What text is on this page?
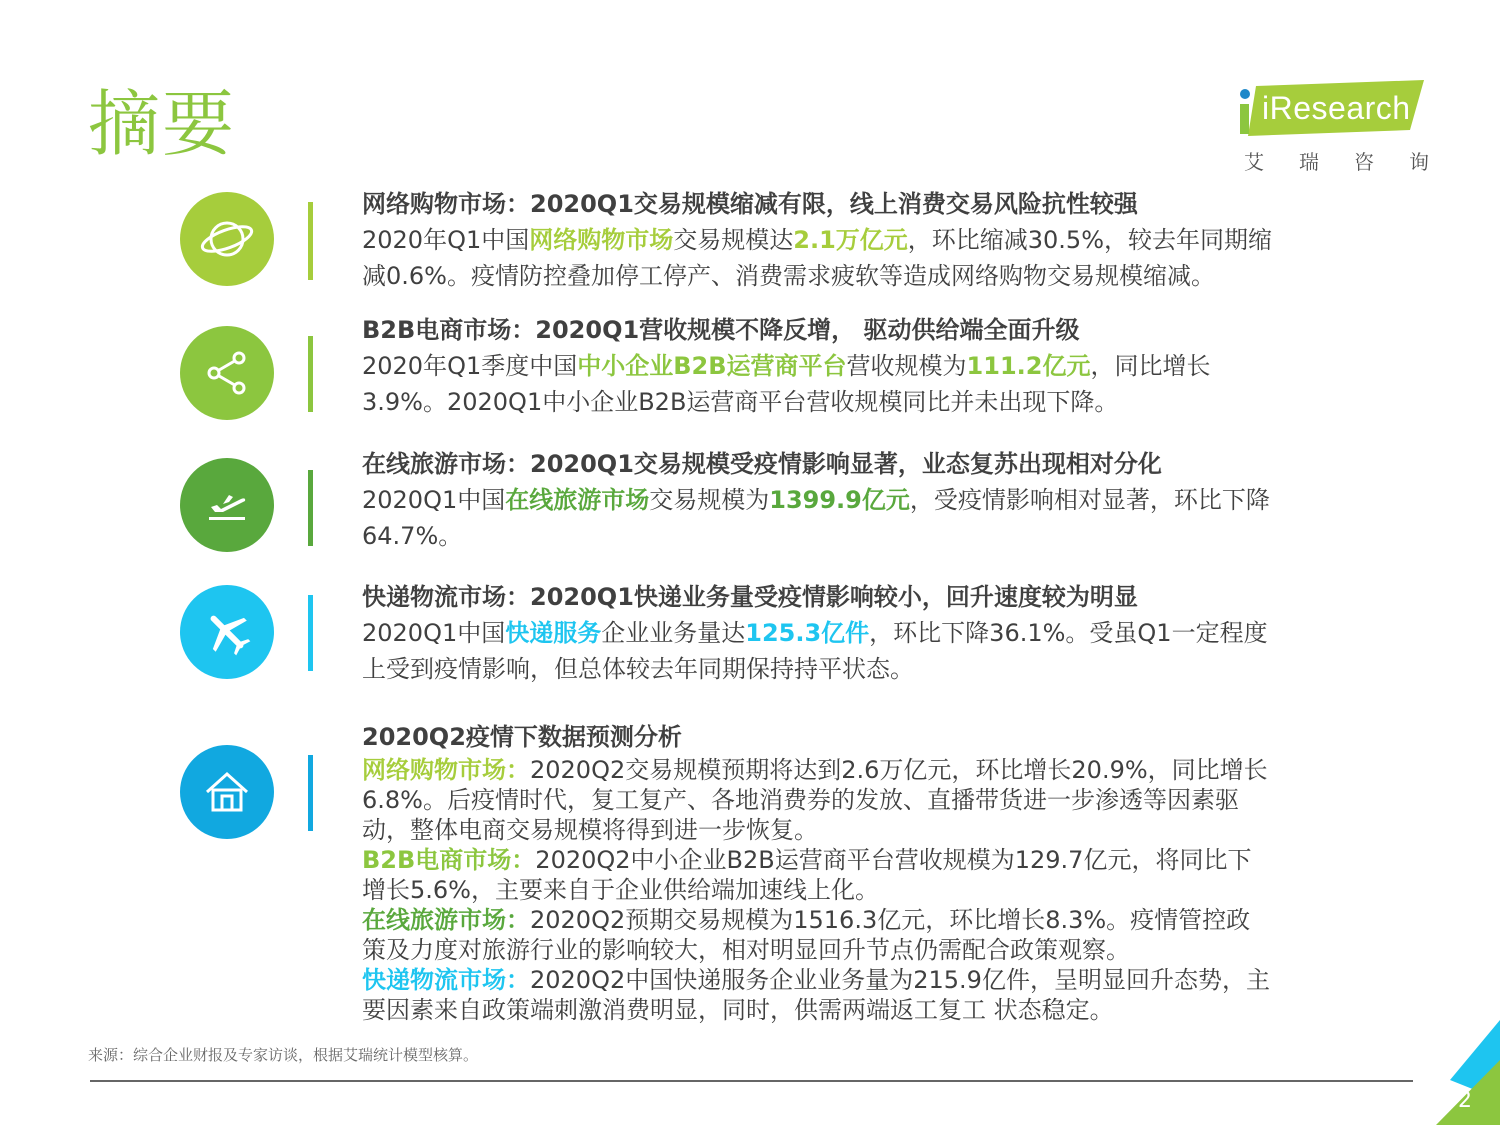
摘要	iResearch
艾 瑞 咨 询

网络购物市场：2020Q1交易规模缩减有限，线上消费交易风险抗性较强

2020年Q1中国网络购物市场交易规模达2.1万亿元，环比缩减30.5%，较去年同期缩减0.6%。疫情防控叠加停工停产、消费需求疲软等造成网络购物交易规模缩减。

B2B电商市场：2020Q1营收规模不降反增， 驱动供给端全面升级

2020年Q1季度中国中小企业B2B运营商平台营收规模为111.2亿元，同比增长3.9%。2020Q1中小企业B2B运营商平台营收规模同比并未出现下降。

在线旅游市场：2020Q1交易规模受疫情影响显著，业态复苏出现相对分化

2020Q1中国在线旅游市场交易规模为1399.9亿元，受疫情影响相对显著，环比下降64.7%。

快递物流市场：2020Q1快递业务量受疫情影响较小，回升速度较为明显

2020Q1中国快递服务企业业务量达125.3亿件，环比下降36.1%。受虽Q1一定程度上受到疫情影响，但总体较去年同期保持持平状态。

2020Q2疫情下数据预测分析

网络购物市场：2020Q2交易规模预期将达到2.6万亿元，环比增长20.9%，同比增长6.8%。后疫情时代，复工复产、各地消费券的发放、直播带货进一步渗透等因素驱动，整体电商交易规模将得到进一步恢复。

B2B电商市场：2020Q2中小企业B2B运营商平台营收规模为129.7亿元，将同比下增长5.6%，主要来自于企业供给端加速线上化。

在线旅游市场：2020Q2预期交易规模为1516.3亿元，环比增长8.3%。疫情管控政策及力度对旅游行业的影响较大，相对明显回升节点仍需配合政策观察。

快递物流市场：2020Q2中国快递服务企业业务量为215.9亿件，呈明显回升态势，主要因素来自政策端刺激消费明显，同时，供需两端返工复工 状态稳定。

来源：综合企业财报及专家访谈，根据艾瑞统计模型核算。
2
